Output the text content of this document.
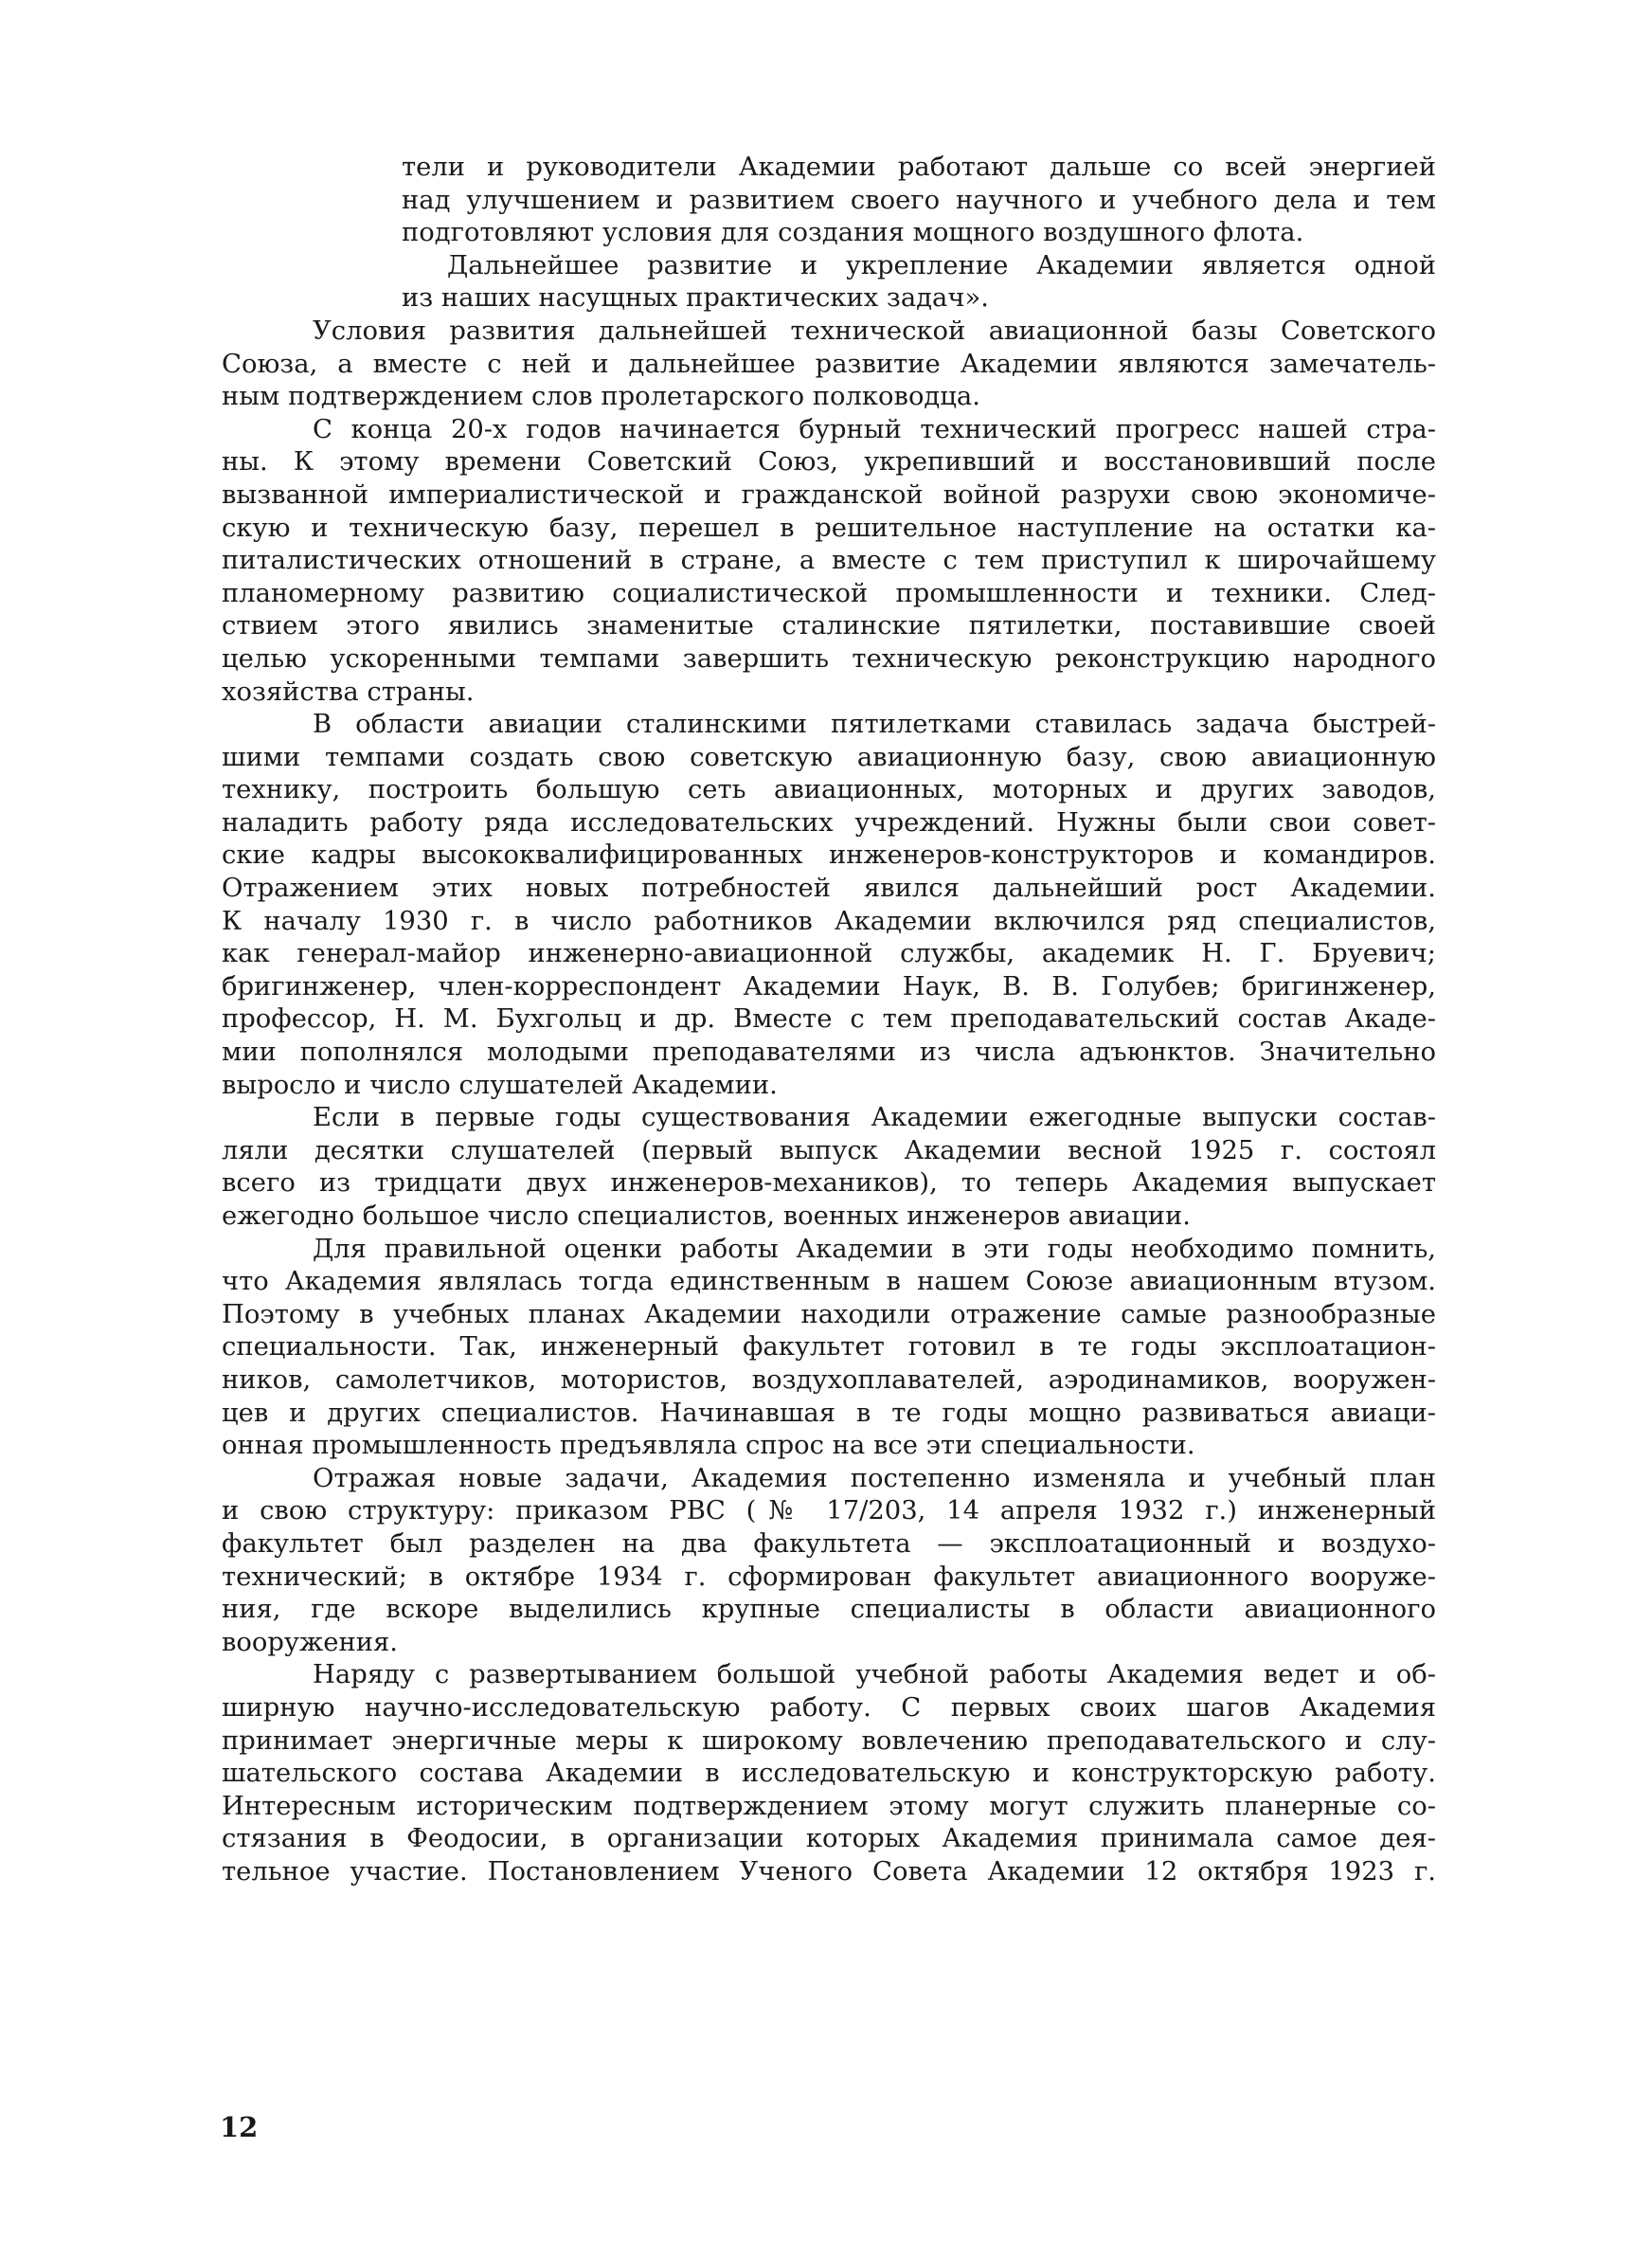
тели и руководители Академии работают дальше со всей энергией

над улучшением и развитием своего научного и учебного дела и тем

подготовляют условия для создания мощного воздушного флота.

Дальнейшее развитие и укрепление Академии является одной

из наших насущных практических задач».

Условия развития дальнейшей технической авиационной базы Советского

Союза, а вместе с ней и дальнейшее развитие Академии являются замечатель-

ным подтверждением слов пролетарского полководца.

С конца 20-х годов начинается бурный технический прогресс нашей стра-

ны. К этому времени Советский Союз, укрепивший и восстановивший после

вызванной империалистической и гражданской войной разрухи свою экономиче-

скую и техническую базу, перешел в решительное наступление на остатки ка-

питалистических отношений в стране, а вместе с тем приступил к широчайшему

планомерному развитию социалистической промышленности и техники. След-

ствием этого явились знаменитые сталинские пятилетки, поставившие своей

целью ускоренными темпами завершить техническую реконструкцию народного

хозяйства страны.

В области авиации сталинскими пятилетками ставилась задача быстрей-

шими темпами создать свою советскую авиационную базу, свою авиационную

технику, построить большую сеть авиационных, моторных и других заводов,

наладить работу ряда исследовательских учреждений. Нужны были свои совет-

ские кадры высококвалифицированных инженеров-конструкторов и командиров.

Отражением этих новых потребностей явился дальнейший рост Академии.

К началу 1930 г. в число работников Академии включился ряд специалистов,

как генерал-майор инженерно-авиационной службы, академик Н. Г. Бруевич;

бригинженер, член-корреспондент Академии Наук, В. В. Голубев; бригинженер,

профессор, Н. М. Бухгольц и др. Вместе с тем преподавательский состав Акаде-

мии пополнялся молодыми преподавателями из числа адъюнктов. Значительно

выросло и число слушателей Академии.

Если в первые годы существования Академии ежегодные выпуски состав-

ляли десятки слушателей (первый выпуск Академии весной 1925 г. состоял

всего из тридцати двух инженеров-механиков), то теперь Академия выпускает

ежегодно большое число специалистов, военных инженеров авиации.

Для правильной оценки работы Академии в эти годы необходимо помнить,

что Академия являлась тогда единственным в нашем Союзе авиационным втузом.

Поэтому в учебных планах Академии находили отражение самые разнообразные

специальности. Так, инженерный факультет готовил в те годы эксплоатацион-

ников, самолетчиков, мотористов, воздухоплавателей, аэродинамиков, вооружен-

цев и других специалистов. Начинавшая в те годы мощно развиваться авиаци-

онная промышленность предъявляла спрос на все эти специальности.

Отражая новые задачи, Академия постепенно изменяла и учебный план

и свою структуру: приказом РВС (№ 17/203, 14 апреля 1932 г.) инженерный

факультет был разделен на два факультета — эксплоатационный и воздухо-

технический; в октябре 1934 г. сформирован факультет авиационного вооруже-

ния, где вскоре выделились крупные специалисты в области авиационного

вооружения.

Наряду с развертыванием большой учебной работы Академия ведет и об-

ширную научно-исследовательскую работу. С первых своих шагов Академия

принимает энергичные меры к широкому вовлечению преподавательского и слу-

шательского состава Академии в исследовательскую и конструкторскую работу.

Интересным историческим подтверждением этому могут служить планерные со-

стязания в Феодосии, в организации которых Академия принимала самое дея-

тельное участие. Постановлением Ученого Совета Академии 12 октября 1923 г.

12
